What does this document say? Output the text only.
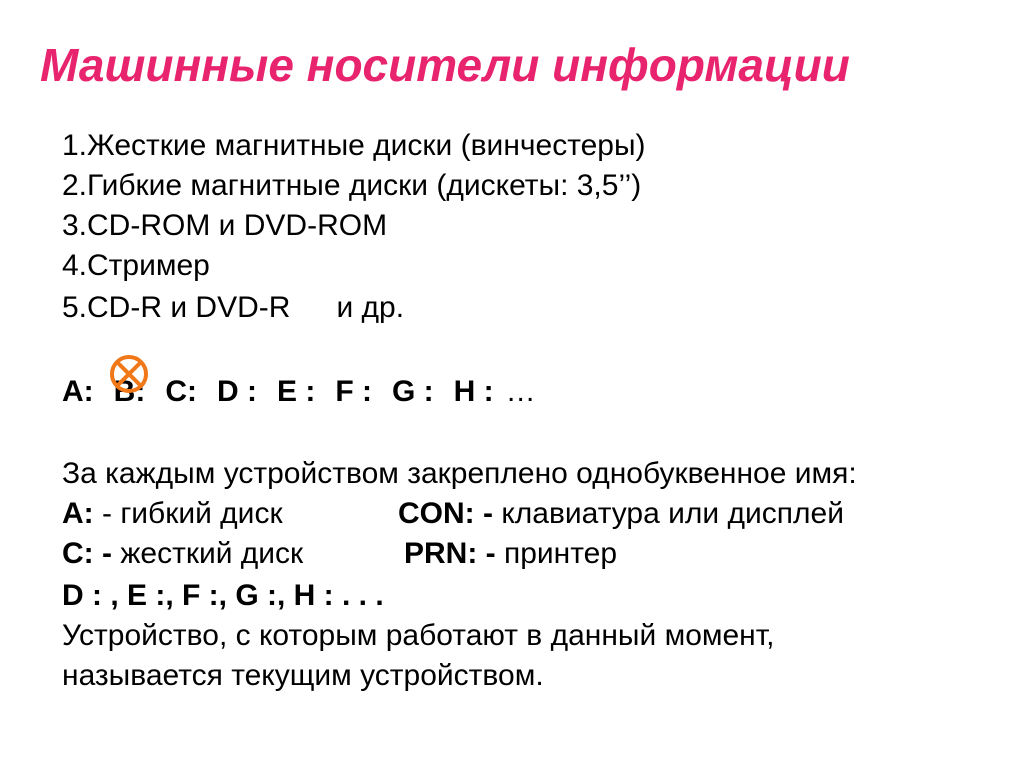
Машинные носители информации
1.Жесткие магнитные диски (винчестеры)
2.Гибкие магнитные диски (дискеты: 3,5’’)
3.CD-ROM и DVD-ROM
4.Стример
5.CD-R и DVD-R и др.
A: B: C: D : E : F : G : H : …
За каждым устройством закреплено однобуквенное имя:
A: - гибкий диск	CON: - клавиатура или дисплей
C: - жесткий диск	PRN: - принтер
D : , E :, F :, G :, H : . . .
Устройство, с которым работают в данный момент,
называется текущим устройством.
